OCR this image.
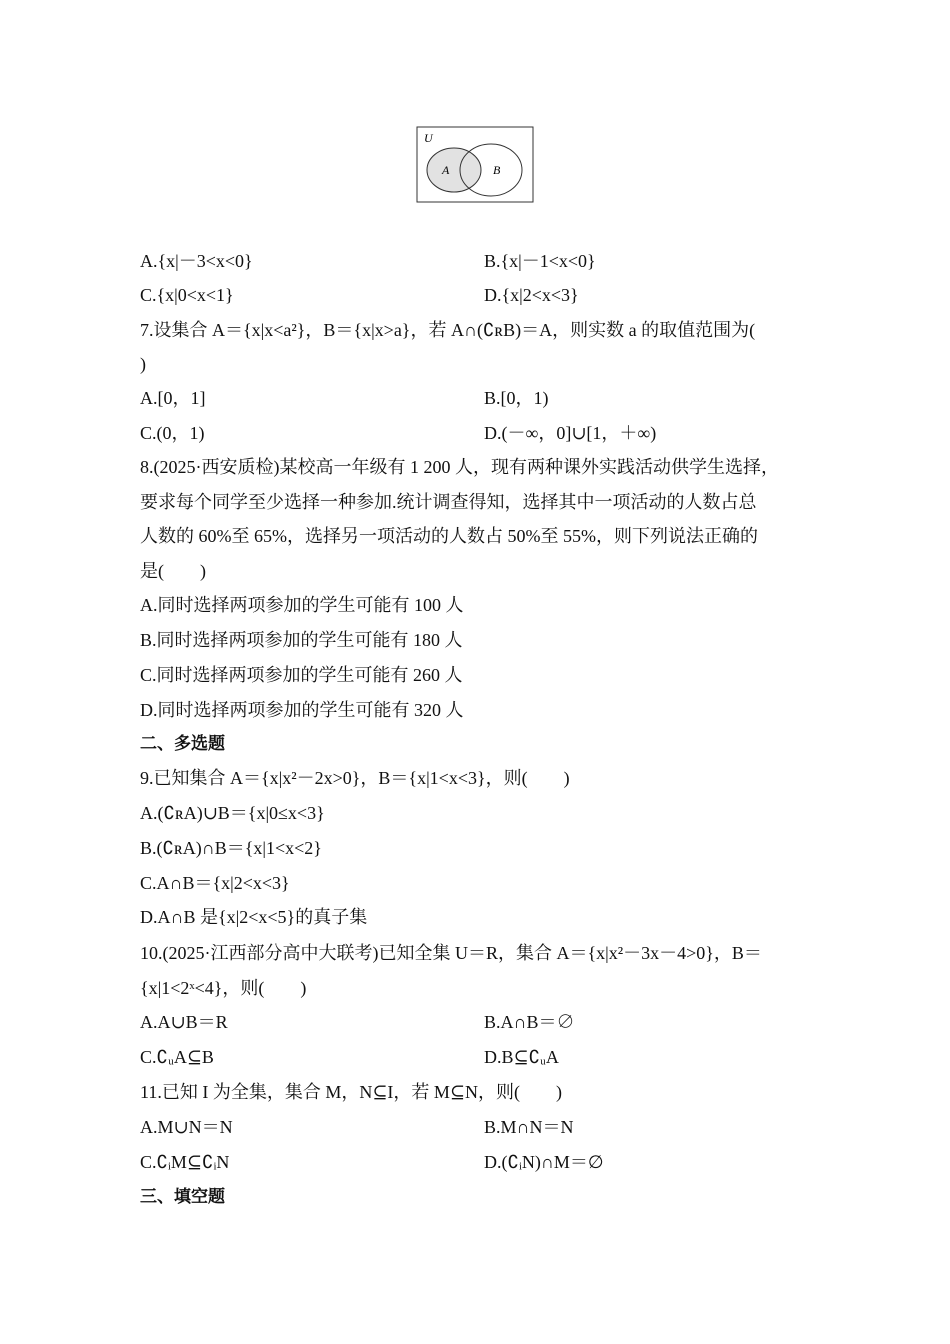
U
A	B
A.{x|－3<x<0}	B.{x|－1<x<0}
C.{x|0<x<1}	D.{x|2<x<3}
7.设集合 A＝{x|x<a²}，B＝{x|x>a}，若 A∩(∁ʀB)＝A，则实数 a 的取值范围为(
)
A.[0，1]	B.[0，1)
C.(0，1)	D.(－∞，0]∪[1，＋∞)
8.(2025·西安质检)某校高一年级有 1 200 人，现有两种课外实践活动供学生选择，
要求每个同学至少选择一种参加.统计调查得知，选择其中一项活动的人数占总
人数的 60%至 65%，选择另一项活动的人数占 50%至 55%，则下列说法正确的
是(　　)
A.同时选择两项参加的学生可能有 100 人
B.同时选择两项参加的学生可能有 180 人
C.同时选择两项参加的学生可能有 260 人
D.同时选择两项参加的学生可能有 320 人
二、多选题
9.已知集合 A＝{x|x²－2x>0}，B＝{x|1<x<3}，则(　　)
A.(∁ʀA)∪B＝{x|0≤x<3}
B.(∁ʀA)∩B＝{x|1<x<2}
C.A∩B＝{x|2<x<3}
D.A∩B 是{x|2<x<5}的真子集
10.(2025·江西部分高中大联考)已知全集 U＝R，集合 A＝{x|x²－3x－4>0}，B＝
{x|1<2ˣ<4}，则(　　)
A.A∪B＝R	B.A∩B＝∅
C.∁ᵤA⊆B	D.B⊆∁ᵤA
11.已知 I 为全集，集合 M，N⊆I，若 M⊆N，则(　　)
A.M∪N＝N	B.M∩N＝N
C.∁ᵢM⊆∁ᵢN	D.(∁ᵢN)∩M＝∅
三、填空题
